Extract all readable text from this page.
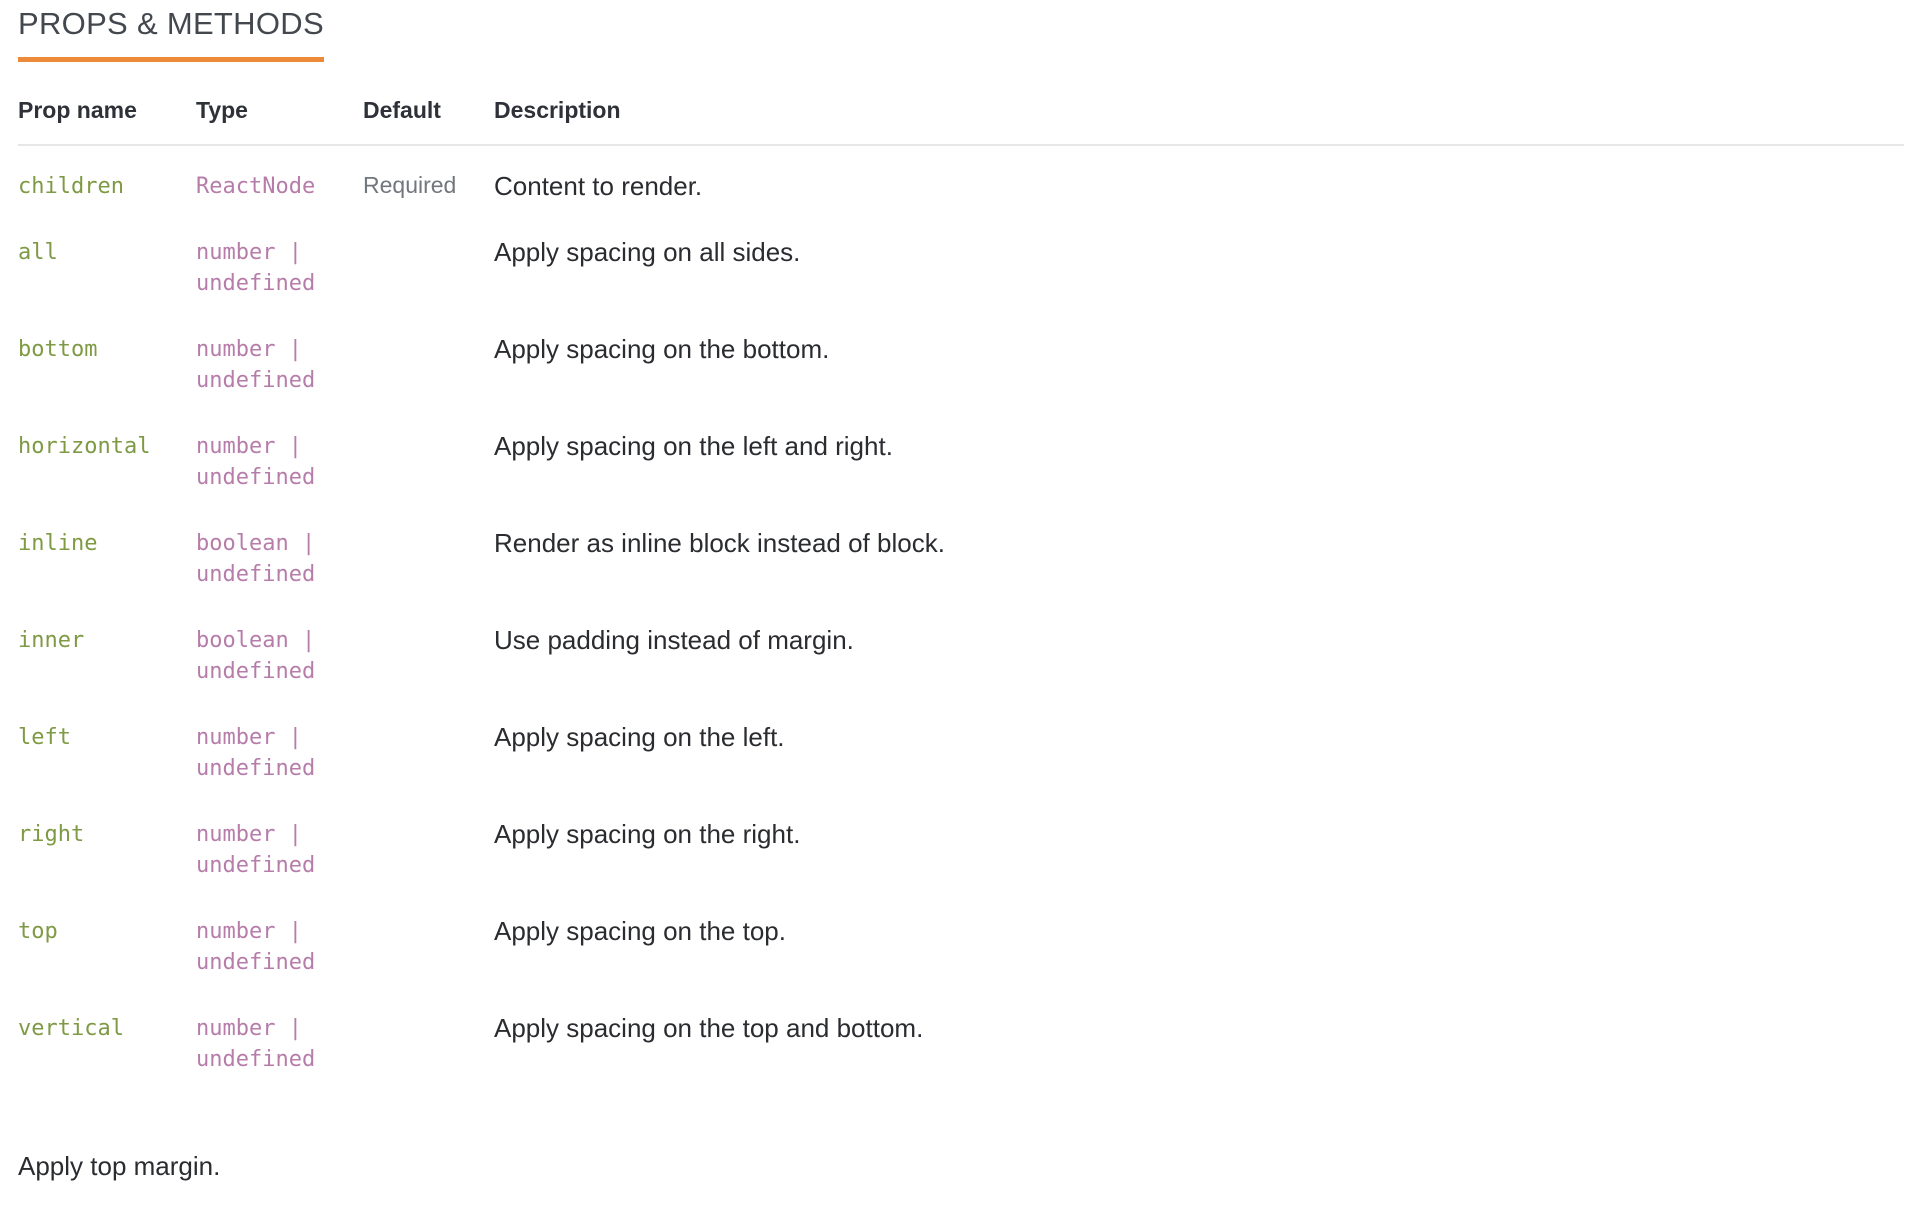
PROPS & METHODS
Prop name	Type	Default	Description
children	ReactNode	Required	Content to render.
all	number | undefined		Apply spacing on all sides.
bottom	number | undefined		Apply spacing on the bottom.
horizontal	number | undefined		Apply spacing on the left and right.
inline	boolean | undefined		Render as inline block instead of block.
inner	boolean | undefined		Use padding instead of margin.
left	number | undefined		Apply spacing on the left.
right	number | undefined		Apply spacing on the right.
top	number | undefined		Apply spacing on the top.
vertical	number | undefined		Apply spacing on the top and bottom.

Apply top margin.
